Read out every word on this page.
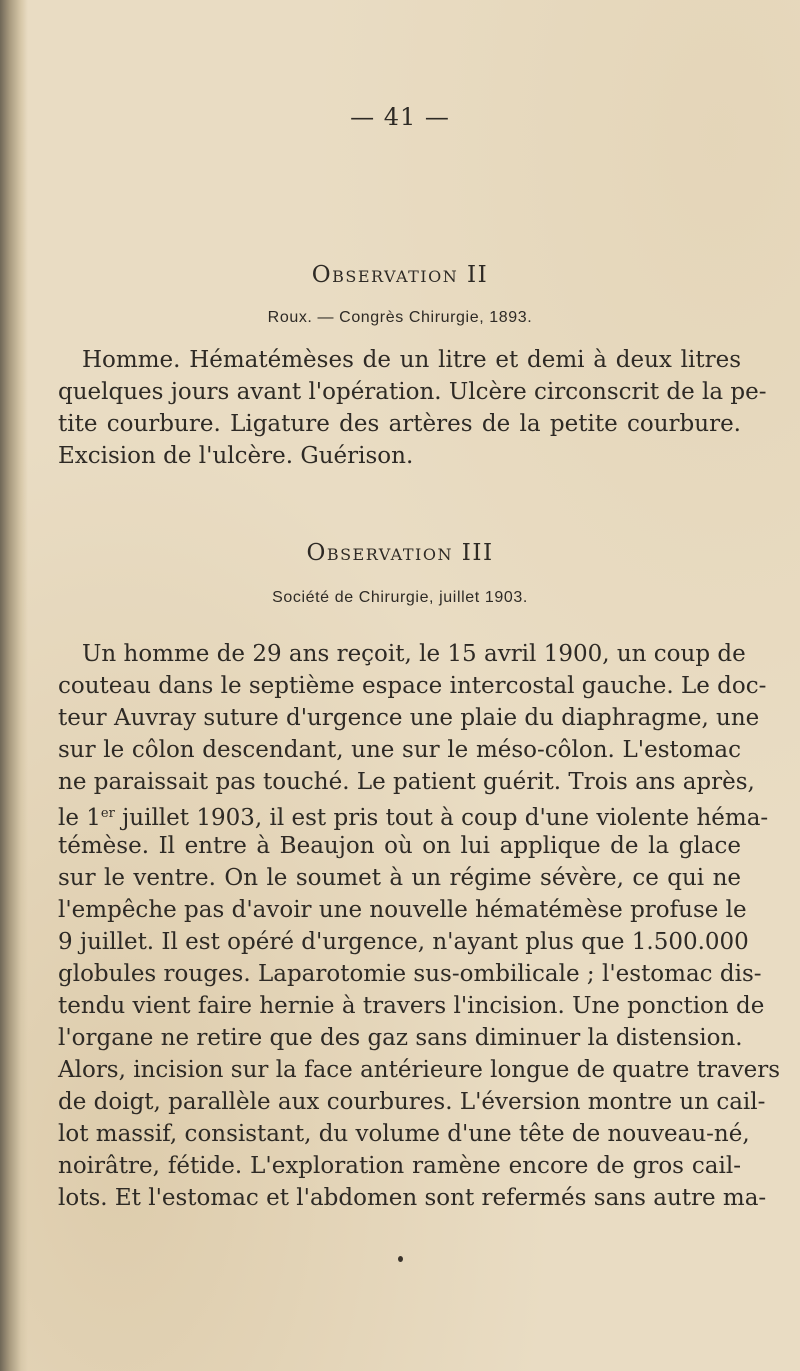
— 41 —
Observation II
Roux. — Congrès Chirurgie, 1893.

Homme. Hématémèses de un litre et demi à deux litres
quelques jours avant l'opération. Ulcère circonscrit de la pe-
tite courbure. Ligature des artères de la petite courbure.
Excision de l'ulcère. Guérison.

Observation III
Société de Chirurgie, juillet 1903.

Un homme de 29 ans reçoit, le 15 avril 1900, un coup de
couteau dans le septième espace intercostal gauche. Le doc-
teur Auvray suture d'urgence une plaie du diaphragme, une
sur le côlon descendant, une sur le méso-côlon. L'estomac
ne paraissait pas touché. Le patient guérit. Trois ans après,
le 1er juillet 1903, il est pris tout à coup d'une violente héma-
témèse. Il entre à Beaujon où on lui applique de la glace
sur le ventre. On le soumet à un régime sévère, ce qui ne
l'empêche pas d'avoir une nouvelle hématémèse profuse le
9 juillet. Il est opéré d'urgence, n'ayant plus que 1.500.000
globules rouges. Laparotomie sus-ombilicale ; l'estomac dis-
tendu vient faire hernie à travers l'incision. Une ponction de
l'organe ne retire que des gaz sans diminuer la distension.
Alors, incision sur la face antérieure longue de quatre travers
de doigt, parallèle aux courbures. L'éversion montre un cail-
lot massif, consistant, du volume d'une tête de nouveau-né,
noirâtre, fétide. L'exploration ramène encore de gros cail-
lots. Et l'estomac et l'abdomen sont refermés sans autre ma-
